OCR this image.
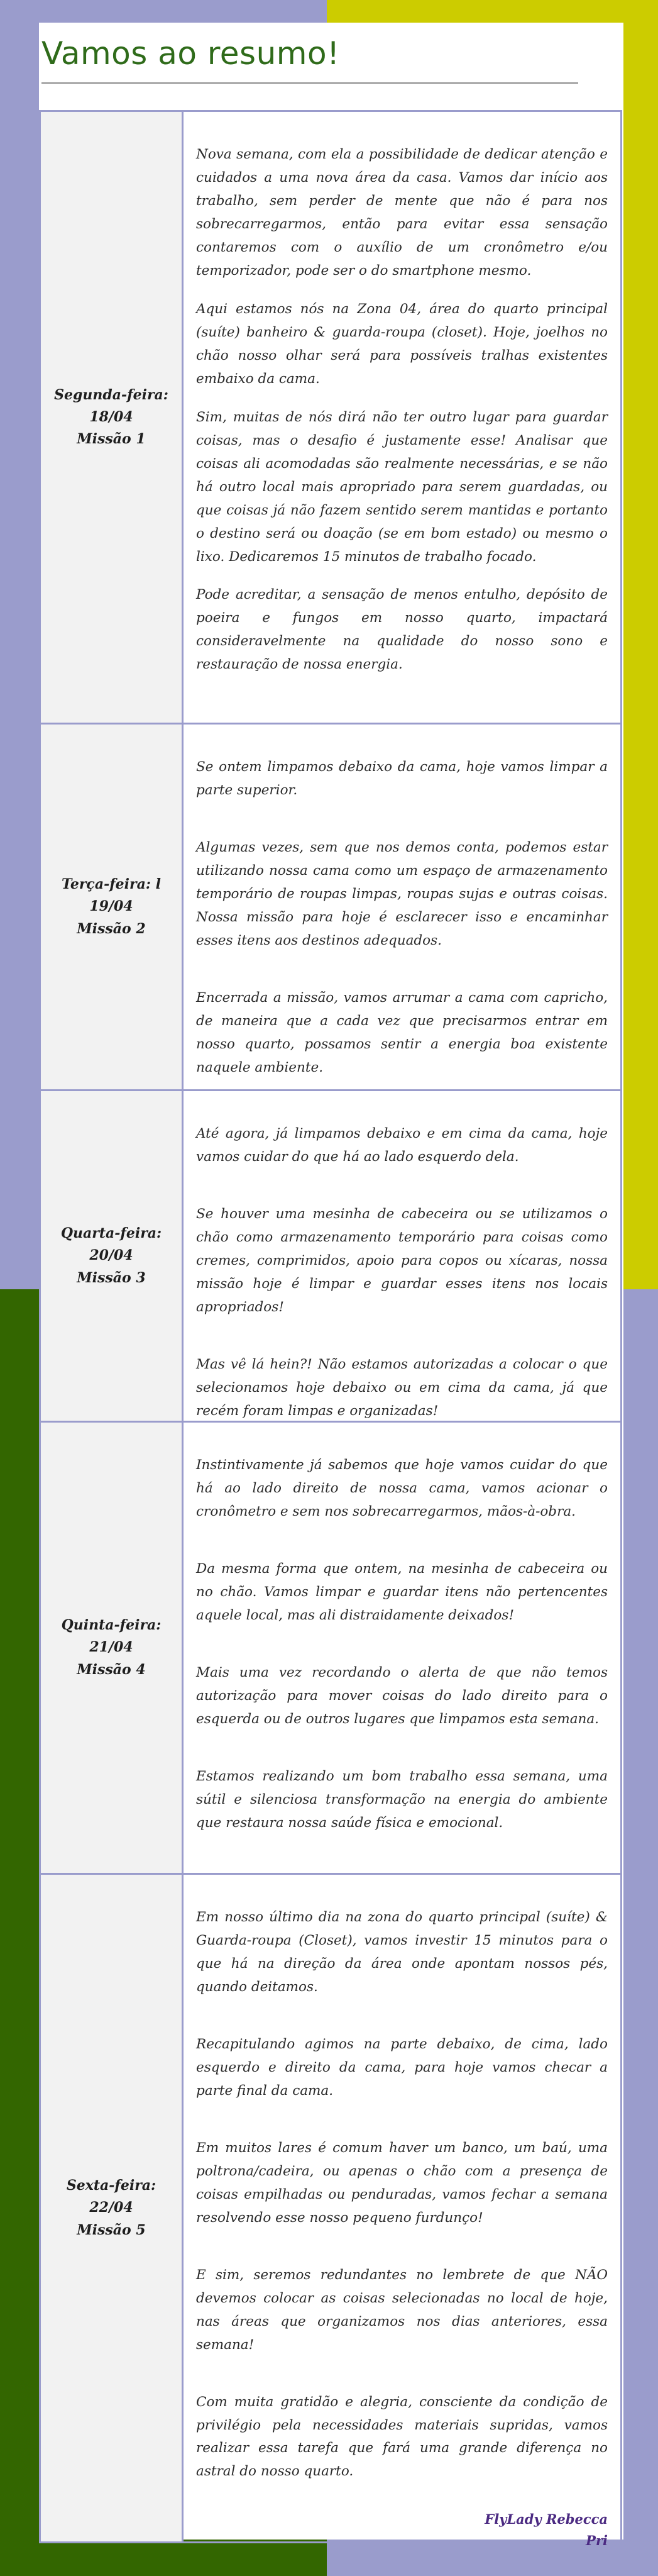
Vamos ao resumo!
Segunda-feira:
18/04
Missão 1

Nova semana, com ela a possibilidade de dedicar atenção e cuidados a uma nova área da casa. Vamos dar início aos trabalho, sem perder de mente que não é para nos sobrecarregarmos, então para evitar essa sensação contaremos com o auxílio de um cronômetro e/ou temporizador, pode ser o do smartphone mesmo.

Aqui estamos nós na Zona 04, área do quarto principal (suíte) banheiro & guarda-roupa (closet). Hoje, joelhos no chão nosso olhar será para possíveis tralhas existentes embaixo da cama.

Sim, muitas de nós dirá não ter outro lugar para guardar coisas, mas o desafio é justamente esse! Analisar que coisas ali acomodadas são realmente necessárias, e se não há outro local mais apropriado para serem guardadas, ou que coisas já não fazem sentido serem mantidas e portanto o destino será ou doação (se em bom estado) ou mesmo o lixo. Dedicaremos 15 minutos de trabalho focado.

Pode acreditar, a sensação de menos entulho, depósito de poeira e fungos em nosso quarto, impactará consideravelmente na qualidade do nosso sono e restauração de nossa energia.

Terça-feira: l
19/04
Missão 2

Se ontem limpamos debaixo da cama, hoje vamos limpar a parte superior.

Algumas vezes, sem que nos demos conta, podemos estar utilizando nossa cama como um espaço de armazenamento temporário de roupas limpas, roupas sujas e outras coisas. Nossa missão para hoje é esclarecer isso e encaminhar esses itens aos destinos adequados.

Encerrada a missão, vamos arrumar a cama com capricho, de maneira que a cada vez que precisarmos entrar em nosso quarto, possamos sentir a energia boa existente naquele ambiente.

Quarta-feira:
20/04
Missão 3

Até agora, já limpamos debaixo e em cima da cama, hoje vamos cuidar do que há ao lado esquerdo dela.

Se houver uma mesinha de cabeceira ou se utilizamos o chão como armazenamento temporário para coisas como cremes, comprimidos, apoio para copos ou xícaras, nossa missão hoje é limpar e guardar esses itens nos locais apropriados!

Mas vê lá hein?! Não estamos autorizadas a colocar o que selecionamos hoje debaixo ou em cima da cama, já que recém foram limpas e organizadas!

Quinta-feira:
21/04
Missão 4

Instintivamente já sabemos que hoje vamos cuidar do que há ao lado direito de nossa cama, vamos acionar o cronômetro e sem nos sobrecarregarmos, mãos-à-obra.

Da mesma forma que ontem, na mesinha de cabeceira ou no chão. Vamos limpar e guardar itens não pertencentes aquele local, mas ali distraidamente deixados!

Mais uma vez recordando o alerta de que não temos autorização para mover coisas do lado direito para o esquerda ou de outros lugares que limpamos esta semana.

Estamos realizando um bom trabalho essa semana, uma sútil e silenciosa transformação na energia do ambiente que restaura nossa saúde física e emocional.

Sexta-feira:
22/04
Missão 5

Em nosso último dia na zona do quarto principal (suíte) & Guarda-roupa (Closet), vamos investir 15 minutos para o que há na direção da área onde apontam nossos pés, quando deitamos.

Recapitulando agimos na parte debaixo, de cima, lado esquerdo e direito da cama, para hoje vamos checar a parte final da cama.

Em muitos lares é comum haver um banco, um baú, uma poltrona/cadeira, ou apenas o chão com a presença de coisas empilhadas ou penduradas, vamos fechar a semana resolvendo esse nosso pequeno furdunço!

E sim, seremos redundantes no lembrete de que NÃO devemos colocar as coisas selecionadas no local de hoje, nas áreas que organizamos nos dias anteriores, essa semana!

Com muita gratidão e alegria, consciente da condição de privilégio pela necessidades materiais supridas, vamos realizar essa tarefa que fará uma grande diferença no astral do nosso quarto.

FlyLady Rebecca
Pri
